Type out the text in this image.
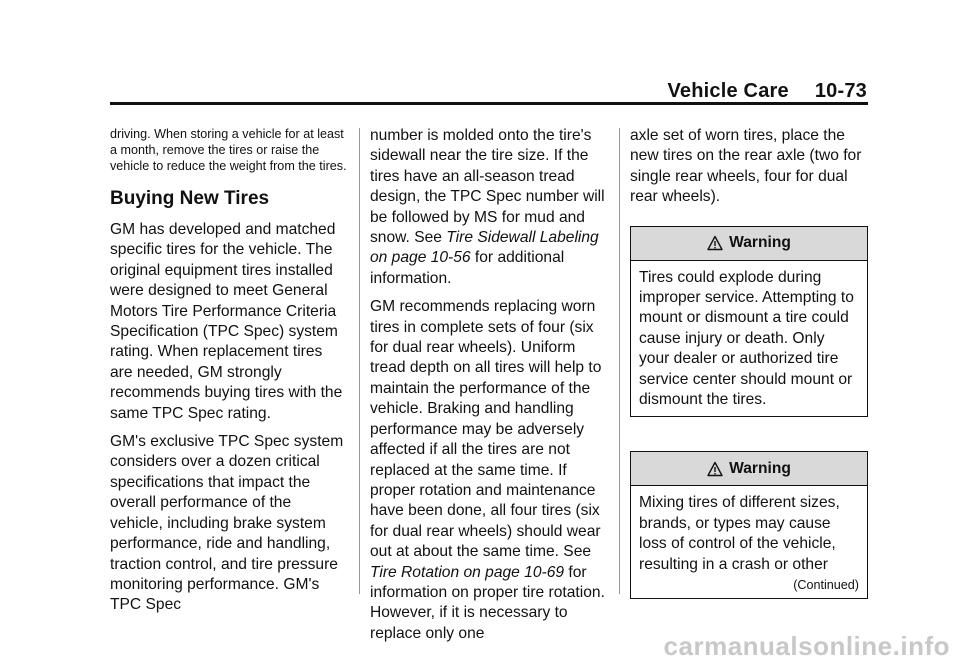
Vehicle Care 10-73

driving. When storing a vehicle for at least a month, remove the tires or raise the vehicle to reduce the weight from the tires.

Buying New Tires

GM has developed and matched specific tires for the vehicle. The original equipment tires installed were designed to meet General Motors Tire Performance Criteria Specification (TPC Spec) system rating. When replacement tires are needed, GM strongly recommends buying tires with the same TPC Spec rating.

GM's exclusive TPC Spec system considers over a dozen critical specifications that impact the overall performance of the vehicle, including brake system performance, ride and handling, traction control, and tire pressure monitoring performance. GM's TPC Spec

number is molded onto the tire's sidewall near the tire size. If the tires have an all-season tread design, the TPC Spec number will be followed by MS for mud and snow. See Tire Sidewall Labeling on page 10-56 for additional information.

GM recommends replacing worn tires in complete sets of four (six for dual rear wheels). Uniform tread depth on all tires will help to maintain the performance of the vehicle. Braking and handling performance may be adversely affected if all the tires are not replaced at the same time. If proper rotation and maintenance have been done, all four tires (six for dual rear wheels) should wear out at about the same time. See Tire Rotation on page 10-69 for information on proper tire rotation. However, if it is necessary to replace only one

axle set of worn tires, place the new tires on the rear axle (two for single rear wheels, four for dual rear wheels).

Warning

Tires could explode during improper service. Attempting to mount or dismount a tire could cause injury or death. Only your dealer or authorized tire service center should mount or dismount the tires.

Warning

Mixing tires of different sizes, brands, or types may cause loss of control of the vehicle, resulting in a crash or other

(Continued)
carmanualsonline.info
